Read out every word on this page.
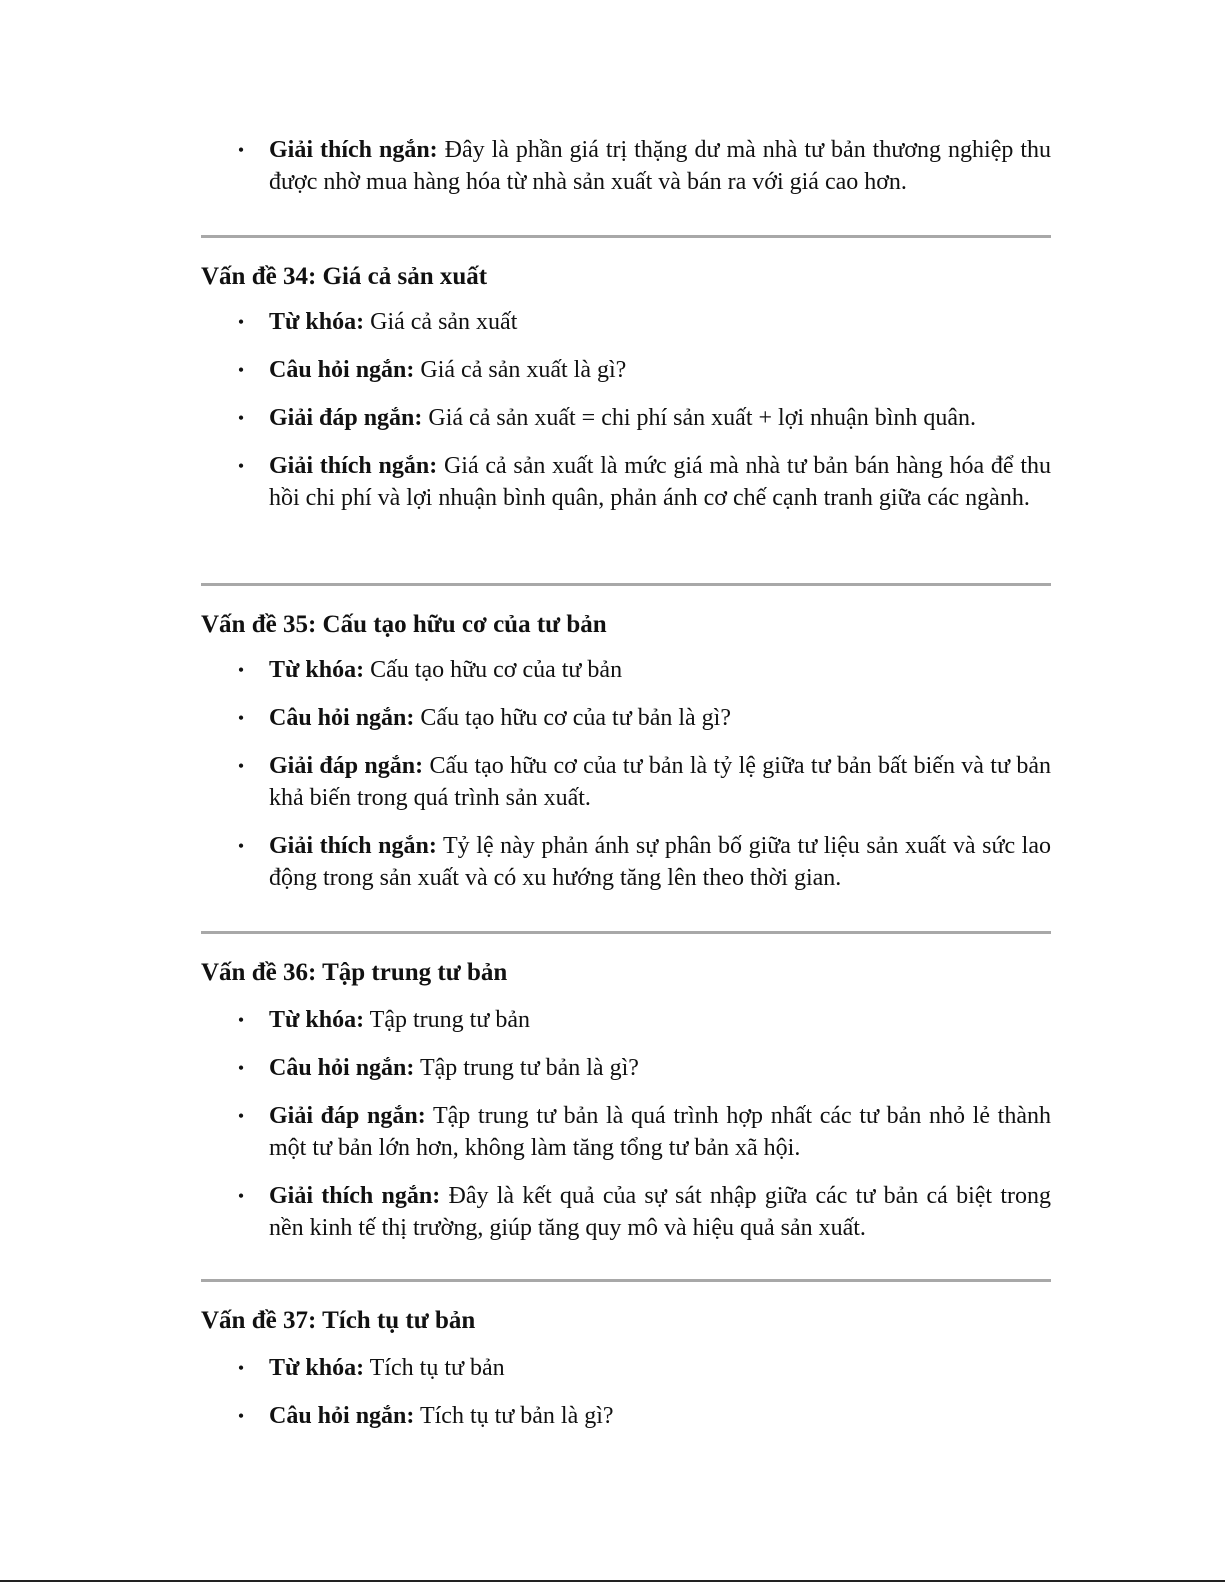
• Giải thích ngắn: Đây là phần giá trị thặng dư mà nhà tư bản thương nghiệp thu được nhờ mua hàng hóa từ nhà sản xuất và bán ra với giá cao hơn.
Vấn đề 34: Giá cả sản xuất
• Từ khóa: Giá cả sản xuất
• Câu hỏi ngắn: Giá cả sản xuất là gì?
• Giải đáp ngắn: Giá cả sản xuất = chi phí sản xuất + lợi nhuận bình quân.
• Giải thích ngắn: Giá cả sản xuất là mức giá mà nhà tư bản bán hàng hóa để thu hồi chi phí và lợi nhuận bình quân, phản ánh cơ chế cạnh tranh giữa các ngành.
Vấn đề 35: Cấu tạo hữu cơ của tư bản
• Từ khóa: Cấu tạo hữu cơ của tư bản
• Câu hỏi ngắn: Cấu tạo hữu cơ của tư bản là gì?
• Giải đáp ngắn: Cấu tạo hữu cơ của tư bản là tỷ lệ giữa tư bản bất biến và tư bản khả biến trong quá trình sản xuất.
• Giải thích ngắn: Tỷ lệ này phản ánh sự phân bố giữa tư liệu sản xuất và sức lao động trong sản xuất và có xu hướng tăng lên theo thời gian.
Vấn đề 36: Tập trung tư bản
• Từ khóa: Tập trung tư bản
• Câu hỏi ngắn: Tập trung tư bản là gì?
• Giải đáp ngắn: Tập trung tư bản là quá trình hợp nhất các tư bản nhỏ lẻ thành một tư bản lớn hơn, không làm tăng tổng tư bản xã hội.
• Giải thích ngắn: Đây là kết quả của sự sát nhập giữa các tư bản cá biệt trong nền kinh tế thị trường, giúp tăng quy mô và hiệu quả sản xuất.
Vấn đề 37: Tích tụ tư bản
• Từ khóa: Tích tụ tư bản
• Câu hỏi ngắn: Tích tụ tư bản là gì?
